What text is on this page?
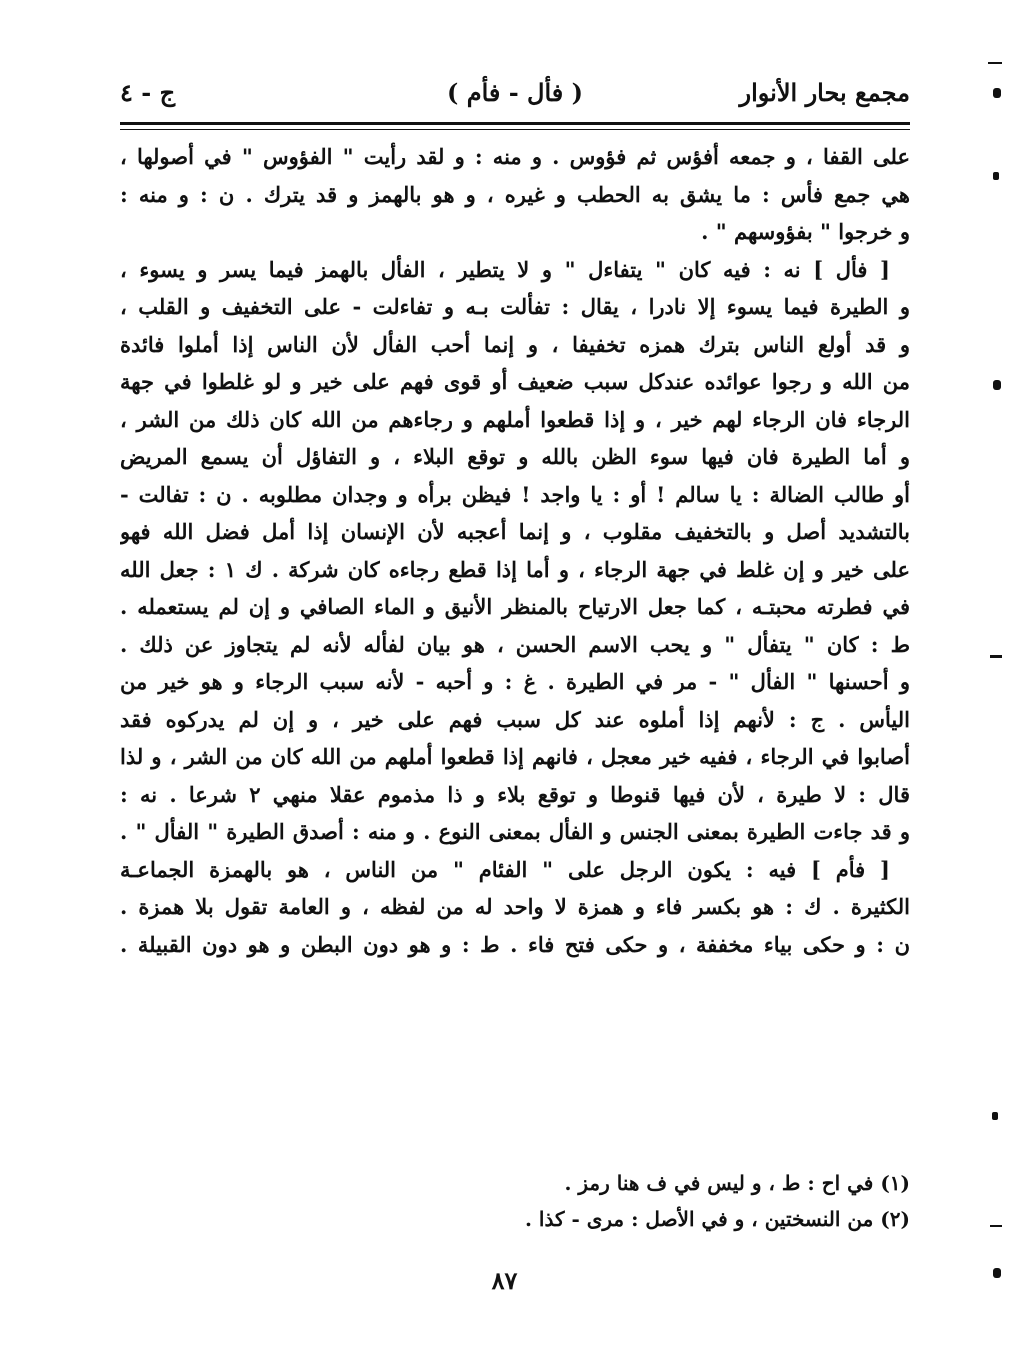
مجمع بحار الأنوار
( فأل - فأم )
ج - ٤
على القفا ، و جمعه أفؤس ثم فؤوس . و منه : و لقد رأيت " الفؤوس " في أصولها ،
هي جمع فأس : ما يشق به الحطب و غيره ، و هو بالهمز و قد يترك . ن : و منه :
و خرجوا " بفؤوسهم " .
[ فأل ] نه : فيه كان " يتفاءل " و لا يتطير ، الفأل بالهمز فيما يسر و يسوء ،
و الطيرة فيما يسوء إلا نادرا ، يقال : تفألت بـه و تفاءلت - على التخفيف و القلب ،
و قد أولع الناس بترك همزه تخفيفا ، و إنما أحب الفأل لأن الناس إذا أملوا فائدة
من الله و رجوا عوائده عندكل سبب ضعيف أو قوى فهم على خير و لو غلطوا في جهة
الرجاء فان الرجاء لهم خير ، و إذا قطعوا أملهم و رجاءهم من الله كان ذلك من الشر ،
و أما الطيرة فان فيها سوء الظن بالله و توقع البلاء ، و التفاؤل أن يسمع المريض
أو طالب الضالة : يا سالم ! أو : يا واجد ! فيظن برأه و وجدان مطلوبه . ن : تفالت -
بالتشديد أصل و بالتخفيف مقلوب ، و إنما أعجبه لأن الإنسان إذا أمل فضل الله فهو
على خير و إن غلط في جهة الرجاء ، و أما إذا قطع رجاءه كان شركة . ك ١ : جعل الله
في فطرته محبتـه ، كما جعل الارتياح بالمنظر الأنيق و الماء الصافي و إن لم يستعمله .
ط : كان " يتفأل " و يحب الاسم الحسن ، هو بيان لفأله لأنه لم يتجاوز عن ذلك .
و أحسنها " الفأل " - مر في الطيرة . غ : و أحبه - لأنه سبب الرجاء و هو خير من
اليأس . ج : لأنهم إذا أملوه عند كل سبب فهم على خير ، و إن لم يدركوه فقد
أصابوا في الرجاء ، ففيه خير معجل ، فانهم إذا قطعوا أملهم من الله كان من الشر ، و لذا
قال : لا طيرة ، لأن فيها قنوطا و توقع بلاء و ذا مذموم عقلا منهي ٢ شرعا . نه :
و قد جاءت الطيرة بمعنى الجنس و الفأل بمعنى النوع . و منه : أصدق الطيرة " الفأل " .
[ فأم ] فيه : يكون الرجل على " الفئام " من الناس ، هو بالهمزة الجماعـة
الكثيرة . ك : هو بكسر فاء و همزة لا واحد له من لفظه ، و العامة تقول بلا همزة .
ن : و حكى بياء مخففة ، و حكى فتح فاء . ط : و هو دون البطن و هو دون القبيلة .
(١) في اح : ط ، و ليس في ف هنا رمز .
(٢) من النسختين ، و في الأصل : مرى - كذا .
٨٧
